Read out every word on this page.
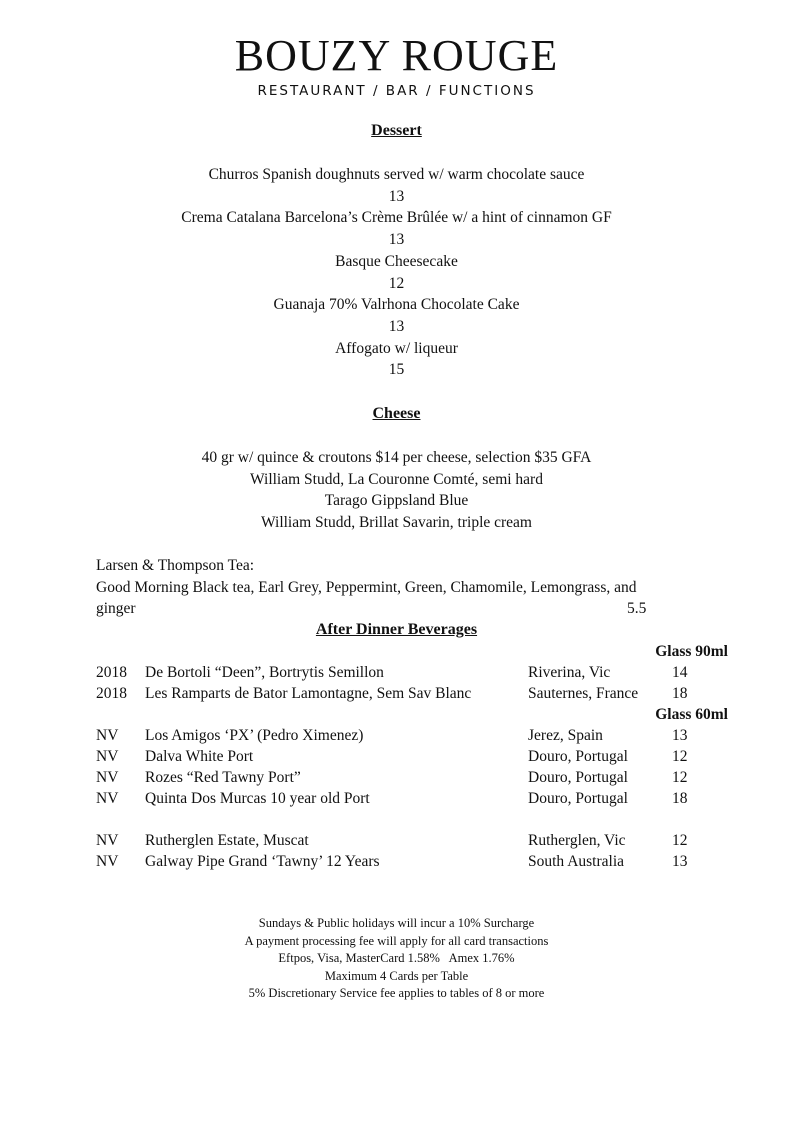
BOUZY ROUGE
RESTAURANT / BAR / FUNCTIONS
Dessert
Churros Spanish doughnuts served w/ warm chocolate sauce
13
Crema Catalana Barcelona’s Crème Brûlée w/ a hint of cinnamon GF
13
Basque Cheesecake
12
Guanaja 70% Valrhona Chocolate Cake
13
Affogato w/ liqueur
15
Cheese
40 gr w/ quince & croutons $14 per cheese, selection $35 GFA
William Studd, La Couronne Comté, semi hard
Tarago Gippsland Blue
William Studd, Brillat Savarin, triple cream
Larsen & Thompson Tea:
Good Morning Black tea, Earl Grey, Peppermint, Green, Chamomile, Lemongrass, and
ginger	5.5
After Dinner Beverages
Glass 90ml
2018 De Bortoli “Deen”, Bortrytis Semillon	Riverina, Vic	14
2018 Les Ramparts de Bator Lamontagne, Sem Sav Blanc	Sauternes, France 18
Glass 60ml
NV Los Amigos ‘PX’ (Pedro Ximenez)	Jerez, Spain	13
NV Dalva White Port	Douro, Portugal	12
NV Rozes “Red Tawny Port”	Douro, Portugal	12
NV Quinta Dos Murcas 10 year old Port	Douro, Portugal	18
NV Rutherglen Estate, Muscat	Rutherglen, Vic	12
NV Galway Pipe Grand ‘Tawny’ 12 Years	South Australia	13
Sundays & Public holidays will incur a 10% Surcharge
A payment processing fee will apply for all card transactions
Eftpos, Visa, MasterCard 1.58%   Amex 1.76%
Maximum 4 Cards per Table
5% Discretionary Service fee applies to tables of 8 or more
